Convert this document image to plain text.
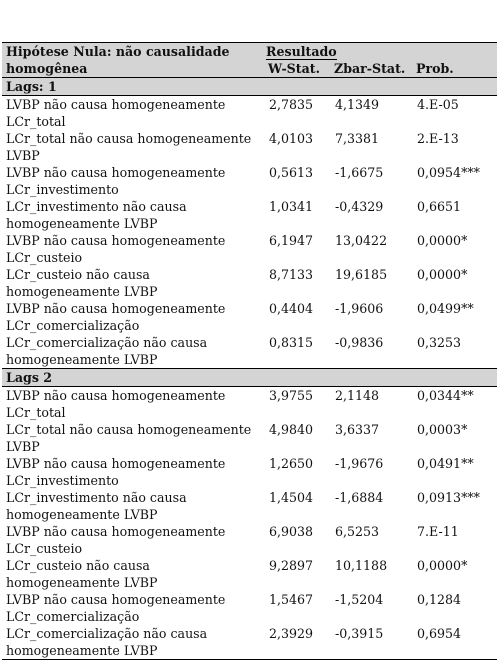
Hipótese Nula: não causalidade homogênea	Resultado		
	W-Stat.	Zbar-Stat.	Prob.
Lags: 1			
LVBP não causa homogeneamente LCr_total	2,7835	4,1349	4.E-05
LCr_total não causa homogeneamente LVBP	4,0103	7,3381	2.E-13
LVBP não causa homogeneamente LCr_investimento	0,5613	-1,6675	0,0954***
LCr_investimento não causa homogeneamente LVBP	1,0341	-0,4329	0,6651
LVBP não causa homogeneamente LCr_custeio	6,1947	13,0422	0,0000*
LCr_custeio não causa homogeneamente LVBP	8,7133	19,6185	0,0000*
LVBP não causa homogeneamente LCr_comercialização	0,4404	-1,9606	0,0499**
LCr_comercialização não causa homogeneamente LVBP	0,8315	-0,9836	0,3253
Lags 2			
LVBP não causa homogeneamente LCr_total	3,9755	2,1148	0,0344**
LCr_total não causa homogeneamente LVBP	4,9840	3,6337	0,0003*
LVBP não causa homogeneamente LCr_investimento	1,2650	-1,9676	0,0491**
LCr_investimento não causa homogeneamente LVBP	1,4504	-1,6884	0,0913***
LVBP não causa homogeneamente LCr_custeio	6,9038	6,5253	7.E-11
LCr_custeio não causa homogeneamente LVBP	9,2897	10,1188	0,0000*
LVBP não causa homogeneamente LCr_comercialização	1,5467	-1,5204	0,1284
LCr_comercialização não causa homogeneamente LVBP	2,3929	-0,3915	0,6954
